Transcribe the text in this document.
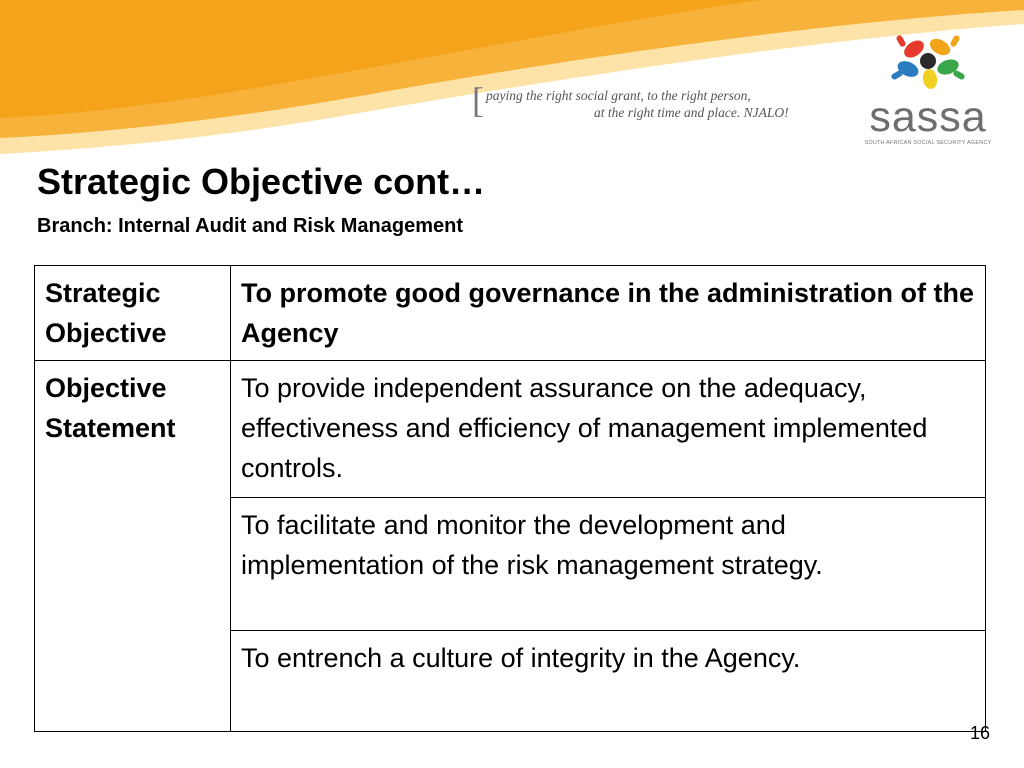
[ paying the right social grant, to the right person,
at the right time and place. NJALO! sassa
SOUTH AFRICAN SOCIAL SECURITY AGENCY
Strategic Objective cont…
Branch: Internal Audit and Risk Management
Strategic Objective	To promote good governance in the administration of the Agency
Objective Statement	To provide independent assurance on the adequacy, effectiveness and efficiency of management implemented controls.
	To facilitate and monitor the development and implementation of the risk management strategy.
	To entrench a culture of integrity in the Agency.
16
